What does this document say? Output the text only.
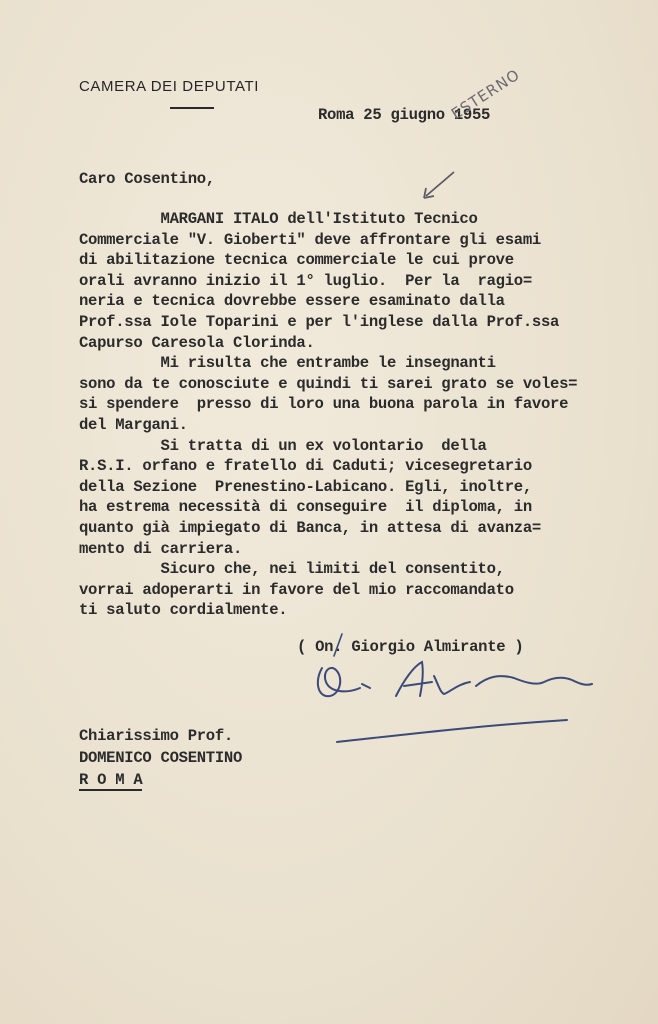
CAMERA DEI DEPUTATI
Roma 25 giugno 1955
ESTERNO
Caro Cosentino,
MARGANI ITALO dell'Istituto Tecnico
Commerciale "V. Gioberti" deve affrontare gli esami
di abilitazione tecnica commerciale le cui prove
orali avranno inizio il 1° luglio.  Per la  ragio=
neria e tecnica dovrebbe essere esaminato dalla
Prof.ssa Iole Toparini e per l'inglese dalla Prof.ssa
Capurso Caresola Clorinda.
Mi risulta che entrambe le insegnanti
sono da te conosciute e quindi ti sarei grato se voles=
si spendere  presso di loro una buona parola in favore
del Margani.
Si tratta di un ex volontario  della
R.S.I. orfano e fratello di Caduti; vicesegretario
della Sezione  Prenestino-Labicano. Egli, inoltre,
ha estrema necessità di conseguire  il diploma, in
quanto già impiegato di Banca, in attesa di avanza=
mento di carriera.
Sicuro che, nei limiti del consentito,
vorrai adoperarti in favore del mio raccomandato
ti saluto cordialmente.
( On. Giorgio Almirante )
Chiarissimo Prof.
DOMENICO COSENTINO
R O M A
